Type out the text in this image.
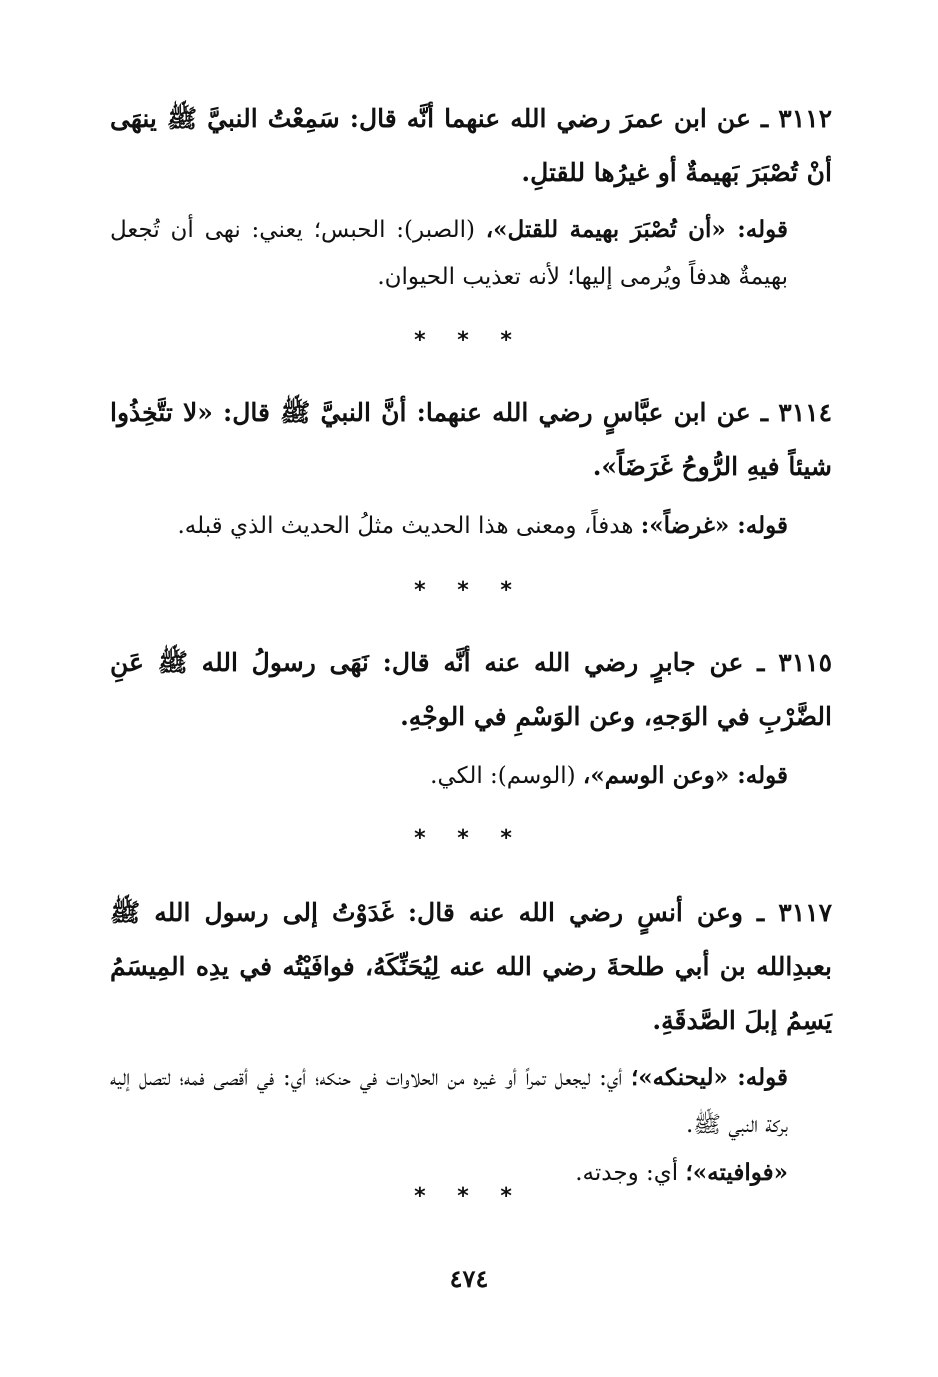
٣١١٢ ـ عن ابن عمرَ رضي الله عنهما أنَّه قال: سَمِعْتُ النبيَّ ﷺ ينهَى أنْ تُصْبَرَ بَهيمةٌ أو غيرُها للقتلِ.

قوله: «أن تُصْبَرَ بهيمة للقتل»، (الصبر): الحبس؛ يعني: نهى أن تُجعل بهيمةٌ هدفاً ويُرمى إليها؛ لأنه تعذيب الحيوان.

* * *

٣١١٤ ـ عن ابن عبَّاسٍ رضي الله عنهما: أنَّ النبيَّ ﷺ قال: «لا تتَّخِذُوا شيئاً فيهِ الرُّوحُ غَرَضَاً».

قوله: «غرضاً»: هدفاً، ومعنى هذا الحديث مثلُ الحديث الذي قبله.

* * *

٣١١٥ ـ عن جابرٍ رضي الله عنه أنَّه قال: نَهَى رسولُ الله ﷺ عَنِ الضَّرْبِ في الوَجهِ، وعن الوَسْمِ في الوجْهِ.

قوله: «وعن الوسم»، (الوسم): الكي.

* * *

٣١١٧ ـ وعن أنسٍ رضي الله عنه قال: غَدَوْتُ إلى رسول الله ﷺ بعبدِالله بن أبي طلحةَ رضي الله عنه لِيُحَنِّكَهُ، فوافَيْتُه في يدِه المِيسَمُ يَسِمُ إبلَ الصَّدقَةِ.

قوله: «ليحنكه»؛ أي: ليجعل تمراً أو غيره من الحلاوات في حنكه؛ أي: في أقصى فمه؛ لتصل إليه بركة النبي ﷺ.

«فوافيته»؛ أي: وجدته.

* * *
٤٧٤
